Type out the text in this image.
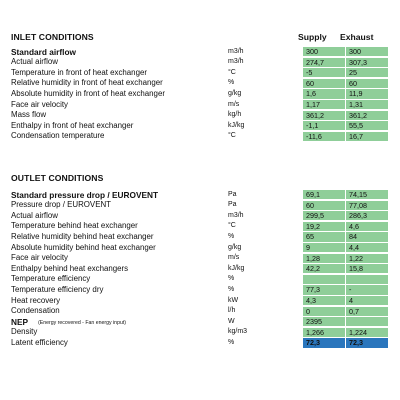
INLET CONDITIONS	Supply Exhaust
Standard airflow	m3/h	300	300
Actual airflow	m3/h	274,7	307,3
Temperature in front of heat exchanger	°C	-5	25
Relative humidity in front of heat exchanger	%	60	60
Absolute humidity in front of heat exchanger	g/kg	1,6	11,9
Face air velocity	m/s	1,17	1,31
Mass flow	kg/h	361,2	361,2
Enthalpy in front of heat exchanger	kJ/kg	-1,1	55,5
Condensation temperature	°C	-11,6	16,7
OUTLET CONDITIONS
Standard pressure drop / EUROVENT	Pa	69,1	74,15
Pressure drop / EUROVENT	Pa	60	77,08
Actual airflow	m3/h	299,5	286,3
Temperature behind heat exchanger	°C	19,2	4,6
Relative humidity behind heat exchanger	%	65	84
Absolute humidity behind heat exchanger	g/kg	9	4,4
Face air velocity	m/s	1,28	1,22
Enthalpy behind heat exchangers	kJ/kg	42,2	15,8
Temperature efficiency	%
Temperature efficiency dry	%	77,3	-
Heat recovery	kW	4,3	4
Condensation	l/h	0	0,7
NEP (Energy recovered - Fan energy input)	W	2395
Density	kg/m3	1,266	1,224
Latent efficiency	%	72,3	72,3
